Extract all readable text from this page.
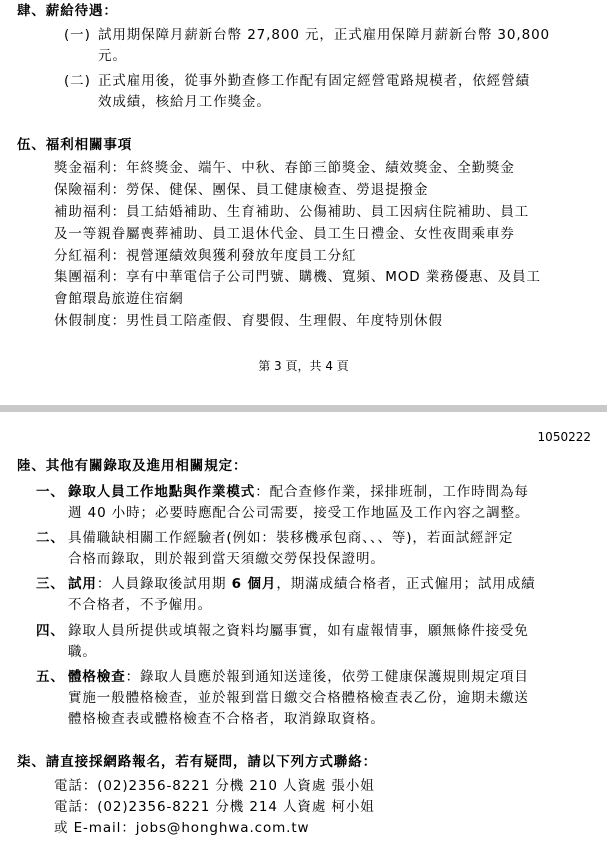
肆、薪給待遇：
(一) 試用期保障月薪新台幣 27,800 元，正式雇用保障月薪新台幣 30,800
元。
(二) 正式雇用後，從事外勤查修工作配有固定經營電路規模者，依經營績
效成績，核給月工作獎金。
伍、福利相關事項
獎金福利：年終獎金、端午、中秋、春節三節獎金、績效獎金、全勤獎金
保險福利：勞保、健保、團保、員工健康檢查、勞退提撥金
補助福利：員工結婚補助、生育補助、公傷補助、員工因病住院補助、員工
及一等親眷屬喪葬補助、員工退休代金、員工生日禮金、女性夜間乘車券
分紅福利：視營運績效與獲利發放年度員工分紅
集團福利：享有中華電信子公司門號、購機、寬頻、MOD 業務優惠、及員工
會館環島旅遊住宿網
休假制度：男性員工陪產假、育嬰假、生理假、年度特別休假
第 3 頁，共 4 頁
1050222
陸、其他有關錄取及進用相關規定：
一、 錄取人員工作地點與作業模式：配合查修作業，採排班制，工作時間為每
週 40 小時；必要時應配合公司需要，接受工作地區及工作內容之調整。
二、 具備職缺相關工作經驗者(例如：裝移機承包商、、、等)，若面試經評定
合格而錄取，則於報到當天須繳交勞保投保證明。
三、 試用：人員錄取後試用期 6 個月，期滿成績合格者，正式僱用；試用成績
不合格者，不予僱用。
四、 錄取人員所提供或填報之資料均屬事實，如有虛報情事，願無條件接受免
職。
五、 體格檢查：錄取人員應於報到通知送達後，依勞工健康保護規則規定項目
實施一般體格檢查，並於報到當日繳交合格體格檢查表乙份，逾期未繳送
體格檢查表或體格檢查不合格者，取消錄取資格。
柒、請直接採網路報名，若有疑問，請以下列方式聯絡：
電話：(02)2356-8221 分機 210 人資處 張小姐
電話：(02)2356-8221 分機 214 人資處 柯小姐
或 E-mail：jobs@honghwa.com.tw
